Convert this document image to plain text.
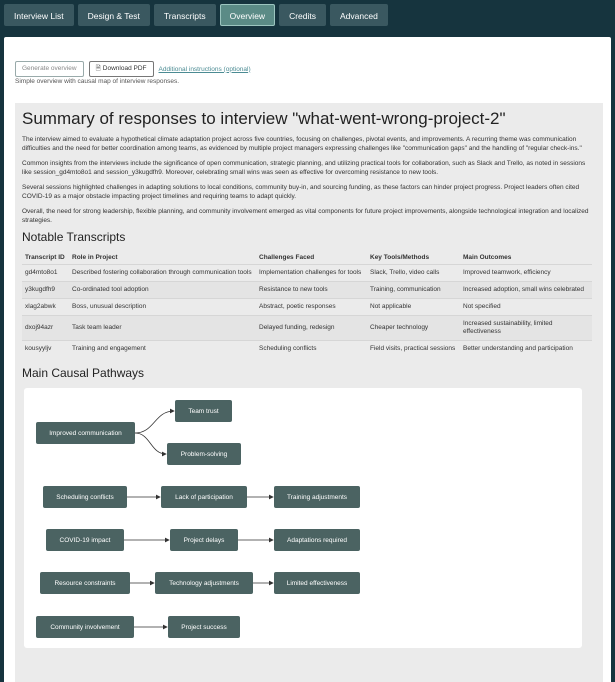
Interview List	Design & Test	Transcripts	Overview	Credits	Advanced
Generate overview	🗎 Download PDF	Additional instructions (optional)
Simple overview with causal map of interview responses.
Summary of responses to interview "what-went-wrong-project-2"

The interview aimed to evaluate a hypothetical climate adaptation project across five countries, focusing on challenges, pivotal events, and improvements. A recurring theme was communication difficulties and the need for better coordination among teams, as evidenced by multiple project managers expressing challenges like "communication gaps" and the handling of "regular check-ins."

Common insights from the interviews include the significance of open communication, strategic planning, and utilizing practical tools for collaboration, such as Slack and Trello, as noted in sessions like session_gd4mto8o1 and session_y3kugdfh9. Moreover, celebrating small wins was seen as effective for overcoming resistance to new tools.

Several sessions highlighted challenges in adapting solutions to local conditions, community buy-in, and sourcing funding, as these factors can hinder project progress. Project leaders often cited COVID-19 as a major obstacle impacting project timelines and requiring teams to adapt quickly.

Overall, the need for strong leadership, flexible planning, and community involvement emerged as vital components for future project improvements, alongside technological integration and localized strategies.

Notable Transcripts
Transcript ID	Role in Project	Challenges Faced	Key Tools/Methods	Main Outcomes
gd4mto8o1	Described fostering collaboration through communication tools	Implementation challenges for tools	Slack, Trello, video calls	Improved teamwork, efficiency
y3kugdfh9	Co-ordinated tool adoption	Resistance to new tools	Training, communication	Increased adoption, small wins celebrated
xlag2abwk	Boss, unusual description	Abstract, poetic responses	Not applicable	Not specified
dxoj94azr	Task team leader	Delayed funding, redesign	Cheaper technology	Increased sustainability, limited effectiveness
kousyyljv	Training and engagement	Scheduling conflicts	Field visits, practical sessions	Better understanding and participation
Main Causal Pathways
Improved communication
Team trust
Problem-solving
Scheduling conflicts	Lack of participation	Training adjustments
COVID-19 impact	Project delays	Adaptations required
Resource constraints	Technology adjustments	Limited effectiveness
Community involvement	Project success
